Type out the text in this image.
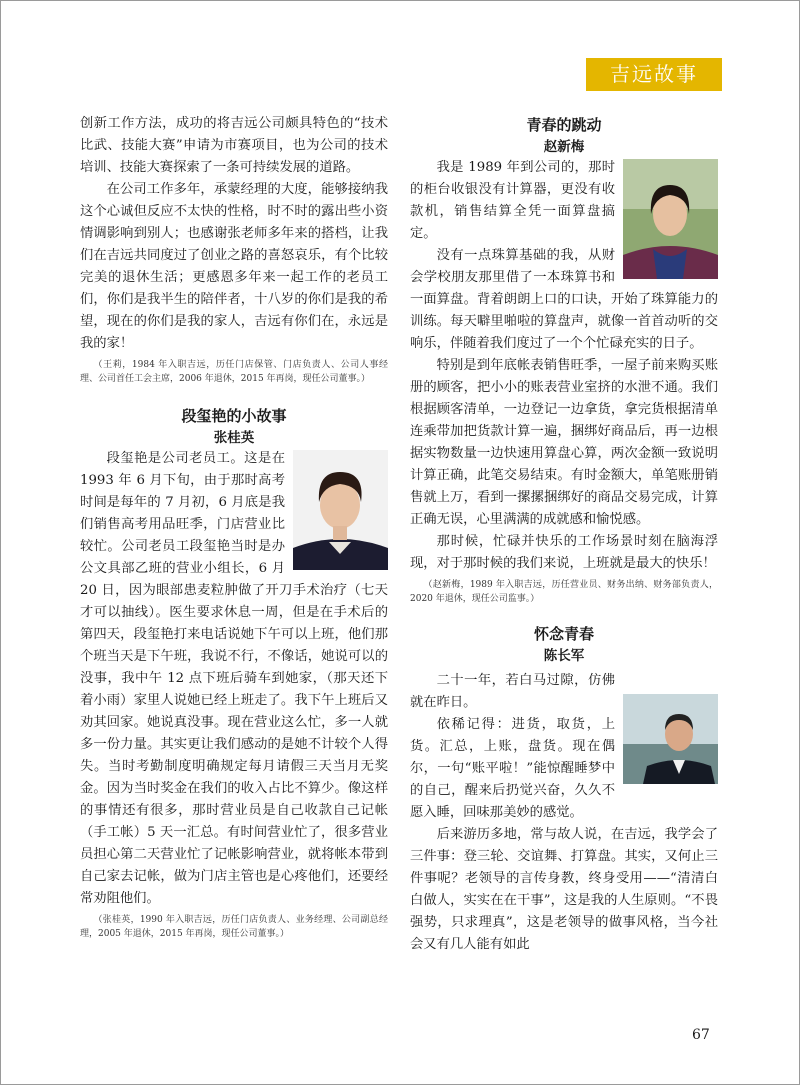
吉远故事

创新工作方法，成功的将吉远公司颇具特色的“技术比武、技能大赛”申请为市赛项目，也为公司的技术培训、技能大赛探索了一条可持续发展的道路。

在公司工作多年，承蒙经理的大度，能够接纳我这个心诚但反应不太快的性格，时不时的露出些小资情调影响到别人；也感谢张老师多年来的搭档，让我们在吉远共同度过了创业之路的喜怒哀乐，有个比较完美的退休生活；更感恩多年来一起工作的老员工们，你们是我半生的陪伴者，十八岁的你们是我的希望，现在的你们是我的家人，吉远有你们在，永远是我的家！

（王莉，1984 年入职吉远，历任门店保管、门店负责人、公司人事经理、公司首任工会主席，2006 年退休，2015 年再岗，现任公司董事。）

段玺艳的小故事

张桂英

段玺艳是公司老员工。这是在 1993 年 6 月下旬，由于那时高考时间是每年的 7 月初，6 月底是我们销售高考用品旺季，门店营业比较忙。公司老员工段玺艳当时是办公文具部乙班的营业小组长，6 月 20 日，因为眼部患麦粒肿做了开刀手术治疗（七天才可以抽线）。医生要求休息一周，但是在手术后的第四天，段玺艳打来电话说她下午可以上班，他们那个班当天是下午班，我说不行，不像话，她说可以的没事，我中午 12 点下班后骑车到她家，（那天还下着小雨）家里人说她已经上班走了。我下午上班后又劝其回家。她说真没事。现在营业这么忙，多一人就多一份力量。其实更让我们感动的是她不计较个人得失。当时考勤制度明确规定每月请假三天当月无奖金。因为当时奖金在我们的收入占比不算少。像这样的事情还有很多，那时营业员是自己收款自己记帐（手工帐）5 天一汇总。有时间营业忙了，很多营业员担心第二天营业忙了记帐影响营业，就将帐本带到自己家去记帐，做为门店主管也是心疼他们，还要经常劝阻他们。

（张桂英，1990 年入职吉远，历任门店负责人、业务经理、公司副总经理，2005 年退休，2015 年再岗，现任公司董事。）

青春的跳动

赵新梅

我是 1989 年到公司的，那时的柜台收银没有计算器，更没有收款机，销售结算全凭一面算盘搞定。

没有一点珠算基础的我，从财会学校朋友那里借了一本珠算书和一面算盘。背着朗朗上口的口诀，开始了珠算能力的训练。每天噼里啪啦的算盘声，就像一首首动听的交响乐，伴随着我们度过了一个个忙碌充实的日子。

特别是到年底帐表销售旺季，一屋子前来购买账册的顾客，把小小的账表营业室挤的水泄不通。我们根据顾客清单，一边登记一边拿货，拿完货根据清单连乘带加把货款计算一遍，捆绑好商品后，再一边根据实物数量一边快速用算盘心算，两次金额一致说明计算正确，此笔交易结束。有时金额大，单笔账册销售就上万，看到一摞摞捆绑好的商品交易完成，计算正确无误，心里满满的成就感和愉悦感。

那时候，忙碌并快乐的工作场景时刻在脑海浮现，对于那时候的我们来说，上班就是最大的快乐！

（赵新梅，1989 年入职吉远，历任营业员、财务出纳、财务部负责人，2020 年退休，现任公司监事。）

怀念青春

陈长军

二十一年，若白马过隙，仿佛就在昨日。

依稀记得：进货，取货，上货。汇总，上账，盘货。现在偶尔，一句“账平啦！”能惊醒睡梦中的自己，醒来后扔觉兴奋，久久不愿入睡，回味那美妙的感觉。

后来游历多地，常与故人说，在吉远，我学会了三件事：登三轮、交谊舞、打算盘。其实，又何止三件事呢？老领导的言传身教，终身受用——“清清白白做人，实实在在干事”，这是我的人生原则。“不畏强势，只求理真”，这是老领导的做事风格，当今社会又有几人能有如此

67
